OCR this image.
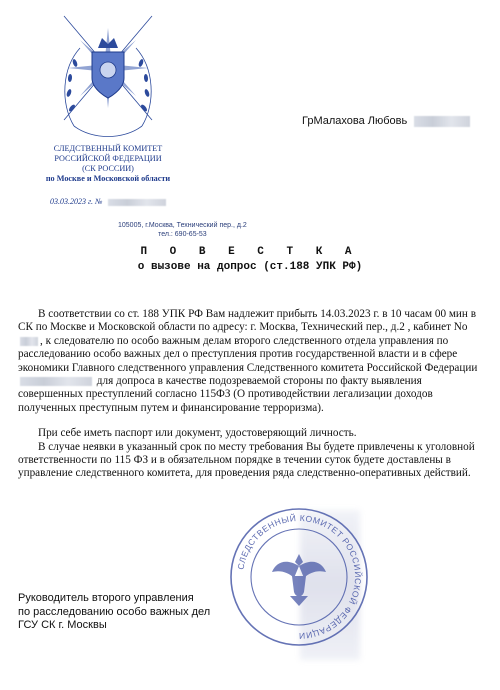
СЛЕДСТВЕННЫЙ КОМИТЕТ
РОССИЙСКОЙ ФЕДЕРАЦИИ
(СК РОССИИ)
по Москве и Московской области
03.03.2023 г. №
105005, г.Москва, Технический пер., д.2
тел.: 690-65-53
ГрМалахова Любовь
П О В Е С Т К А
о вызове на допрос (ст.188 УПК РФ)

В соответствии со ст. 188 УПК РФ Вам надлежит прибыть 14.03.2023 г. в 10 часам 00 мин в СК по Москве и Московской области по адресу: г. Москва, Технический пер., д.2 , кабинет No, к следователю по особо важным делам второго следственного отдела управления по расследованию особо важных дел о преступления против государственной власти и в сфере экономики Главного следственного управления Следственного комитета Российской Федерации  для допроса в качестве подозреваемой стороны по факту выявления совершенных преступлений согласно 115ФЗ (О противодействии легализации доходов полученных преступным путем и финансирование терроризма).

При себе иметь паспорт или документ, удостоверяющий личность.

В случае неявки в указанный срок по месту требования Вы будете привлечены к уголовной ответственности по 115 ФЗ и в обязательном порядке в течении суток будете доставлены в управление следственного комитета, для проведения ряда следственно-оперативных действий.

СЛЕДСТВЕННЫЙ КОМИТЕТ РОССИЙСКОЙ ФЕДЕРАЦИИ
Руководитель второго управления
по расследованию особо важных дел
ГСУ СК г. Москвы
